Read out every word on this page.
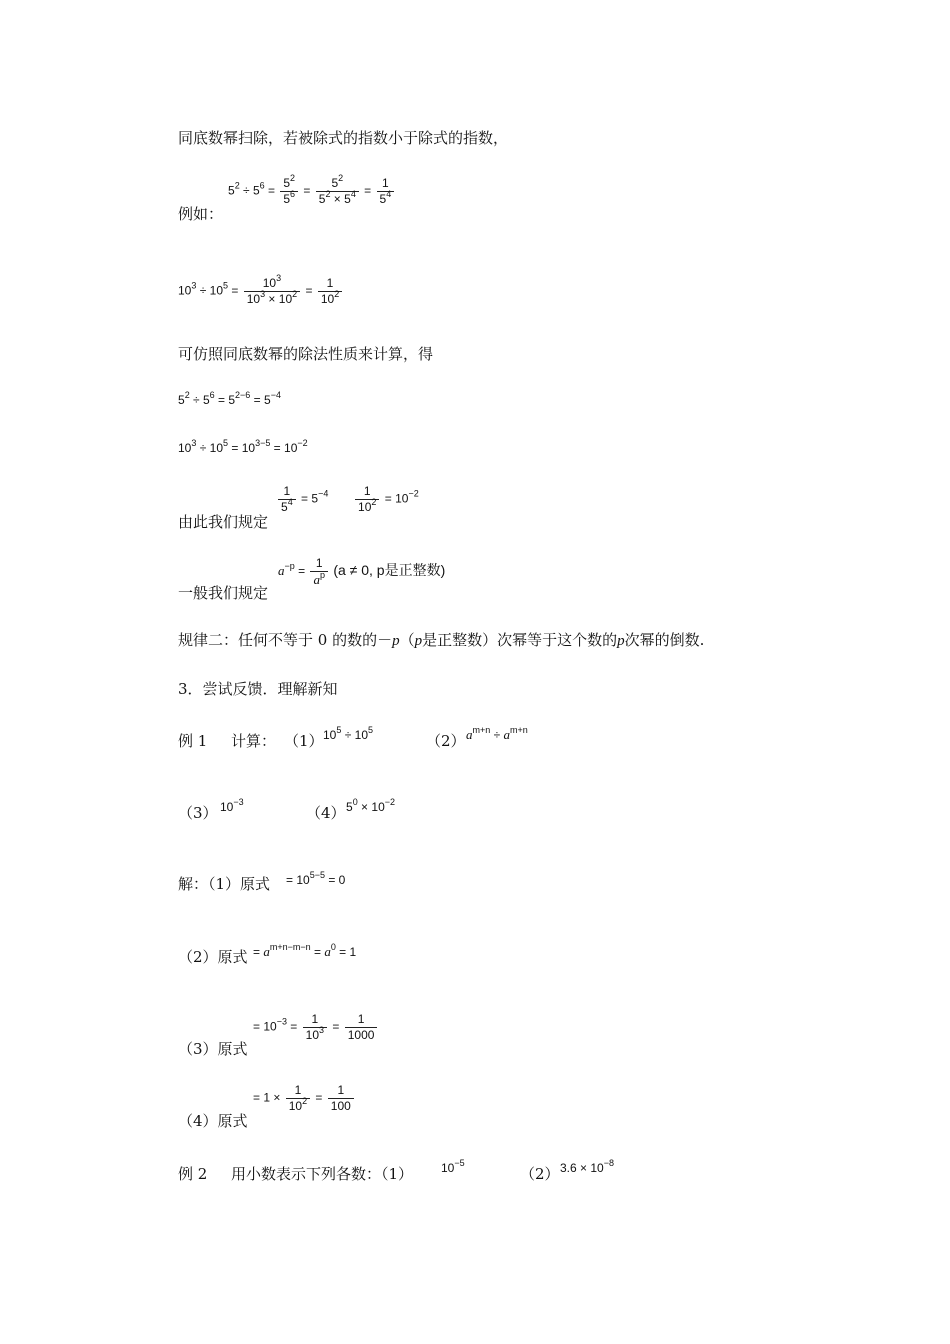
同底数幂扫除，若被除式的指数小于除式的指数，
例如：
$5^2 \div 5^6 = \frac{5^2}{5^6} = \frac{5^2}{5^2 \times 5^4} = \frac{1}{5^4}$
$10^3 \div 10^5 = \frac{10^3}{10^3 \times 10^2} = \frac{1}{10^2}$
可仿照同底数幂的除法性质来计算，得
$5^2 \div 5^6 = 5^{2-6} = 5^{-4}$
$10^3 \div 10^5 = 10^{3-5} = 10^{-2}$
由此我们规定
$\frac{1}{5^4} = 5^{-4} \frac{1}{10^2} = 10^{-2}$
一般我们规定
$a^{-p} = \frac{1}{a^p} (a \ne 0$, p是正整数)
规律二：任何不等于 0 的数的－p（p是正整数）次幂等于这个数的p次幂的倒数.
3．尝试反馈．理解新知
例 1 计算： （1） $10^5 \div 10^5$
（2） $a^{m+n} \div a^{m+n}$
（3） $10^{-3}$
（4） $5^0 \times 10^{-2}$
解：（1）原式 = $10^{5-5} = 0$
（2）原式 = $a^{m+n-m-n} = a^0 = 1$
（3）原式
= $10^{-3} = \frac{1}{10^3} = \frac{1}{1000}$
（4）原式
= $1 \times \frac{1}{10^2} = \frac{1}{100}$
例 2 用小数表示下列各数：（1） $10^{-5}$
（2） $3.6 \times 10^{-8}$
